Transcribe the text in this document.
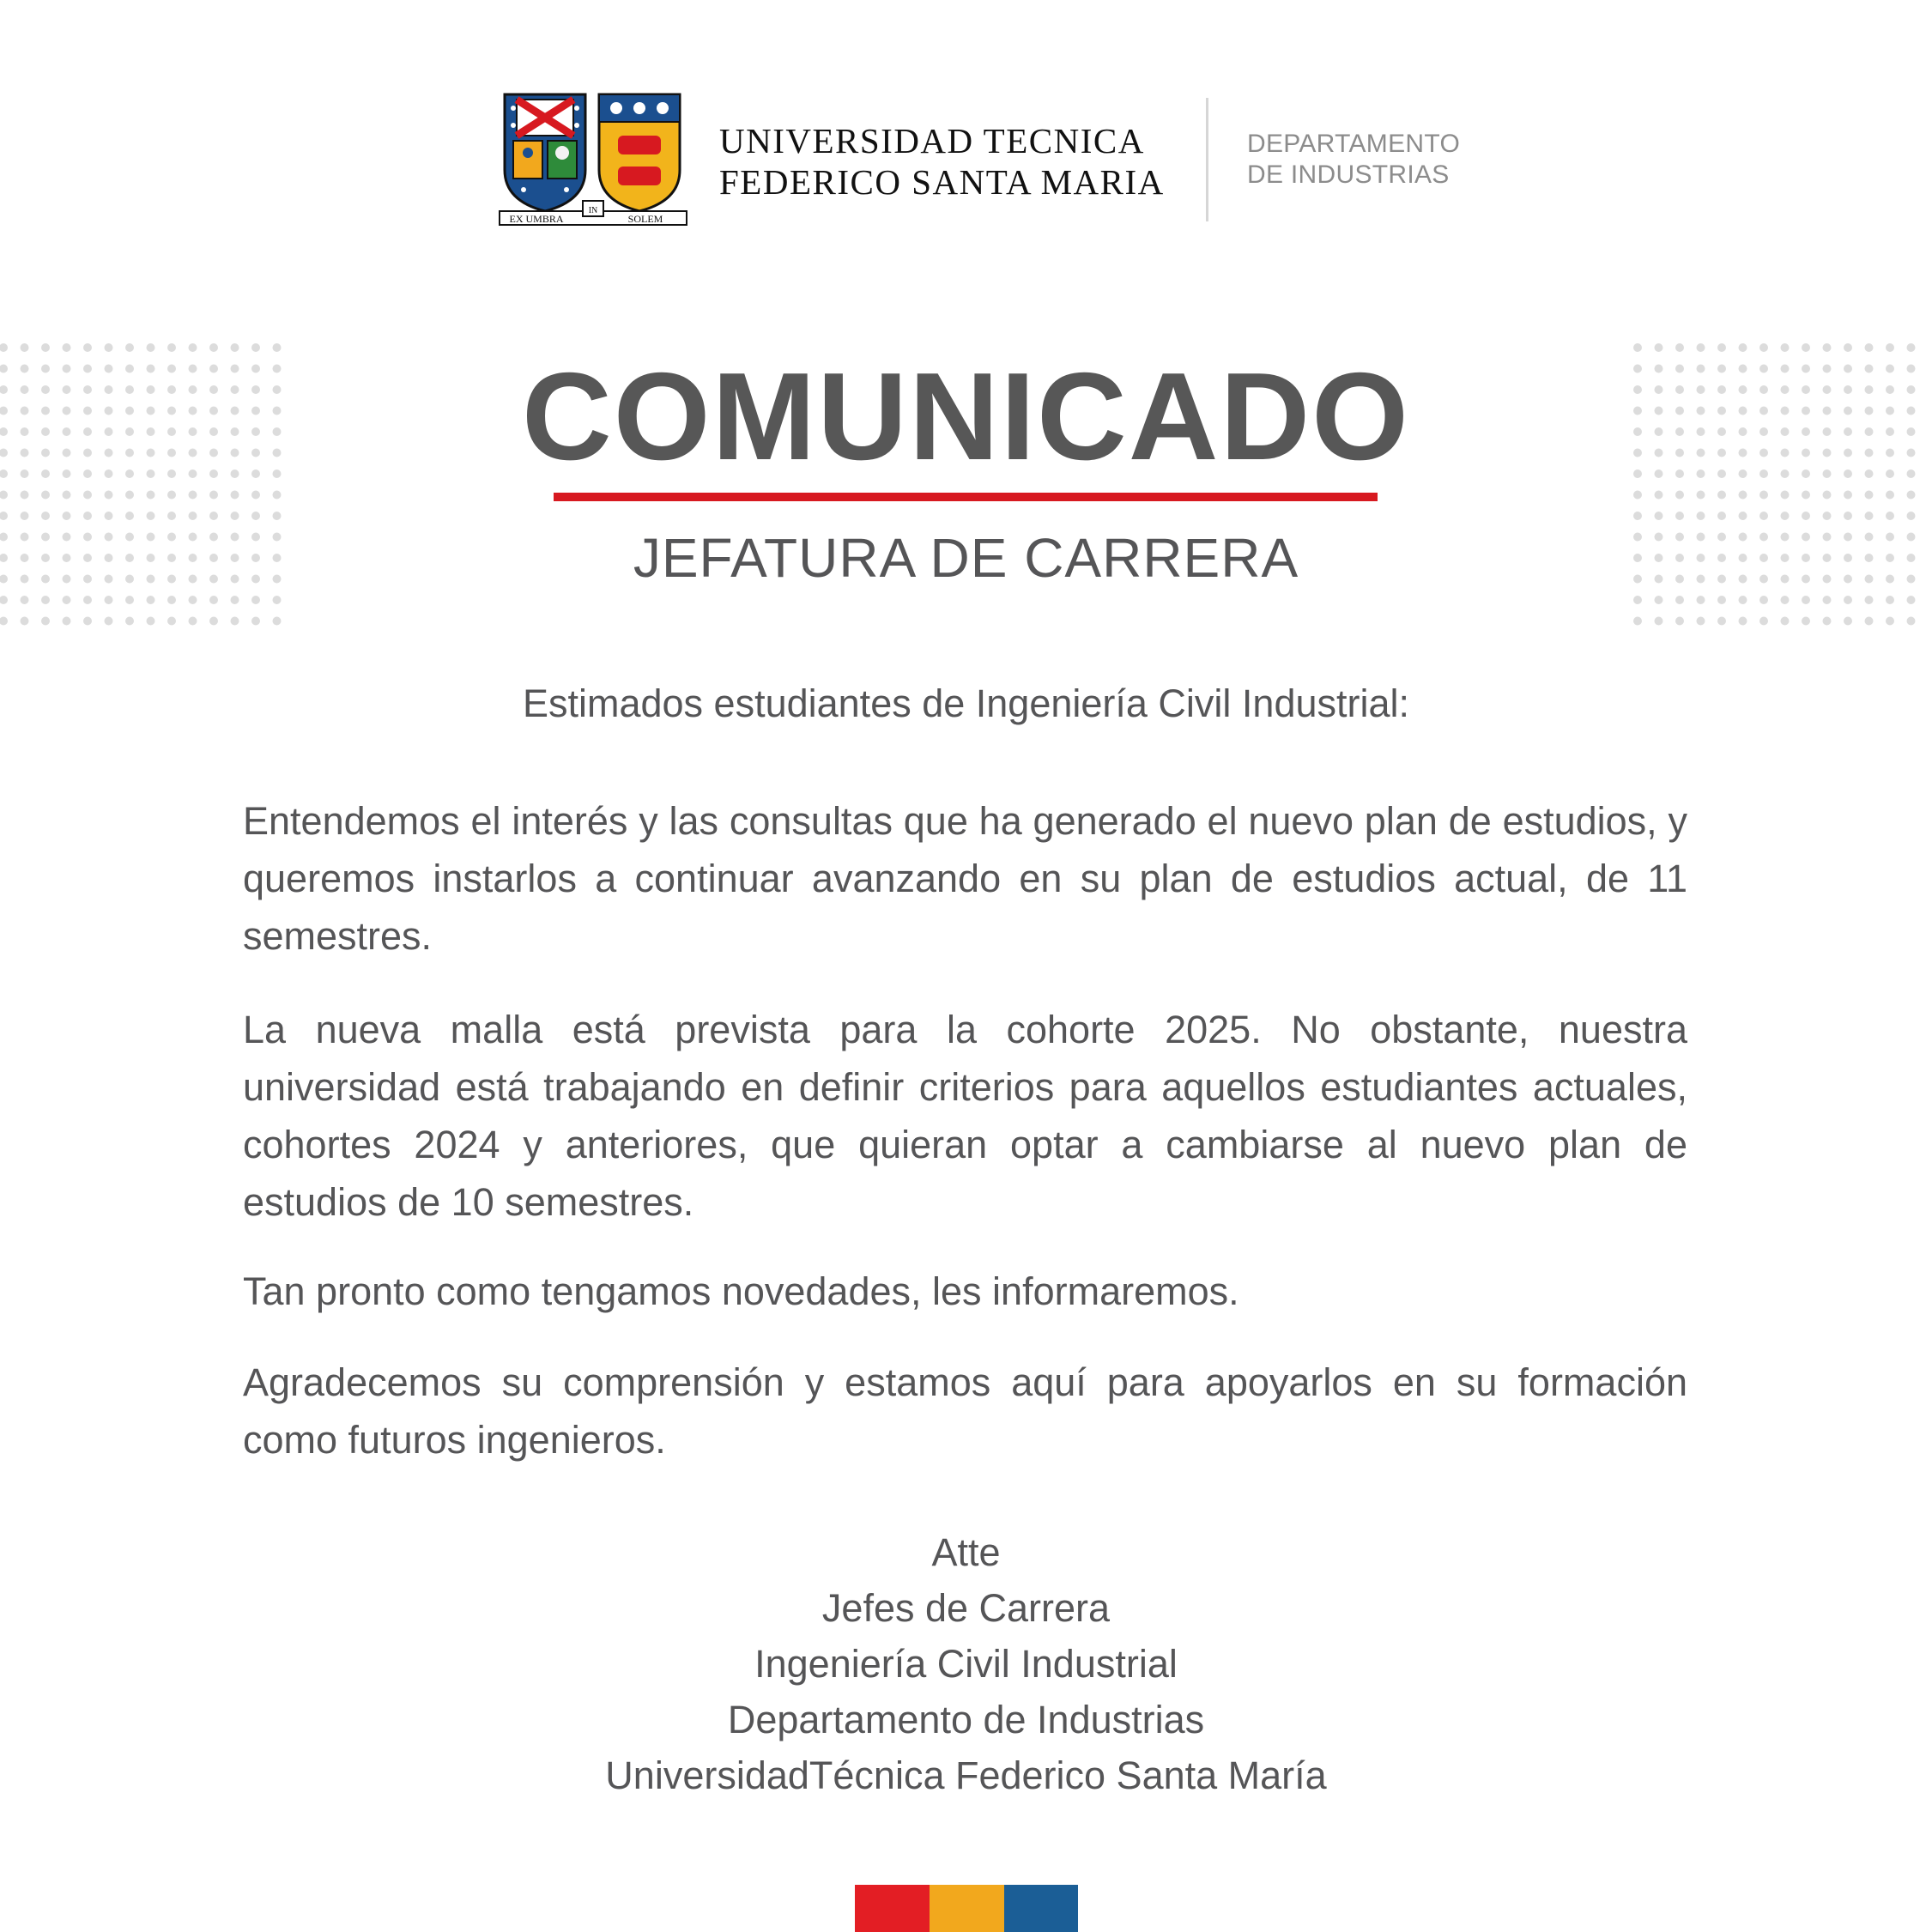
EX UMBRA
IN
SOLEM
UNIVERSIDAD TECNICA
FEDERICO SANTA MARIA
DEPARTAMENTO
DE INDUSTRIAS
COMUNICADO
JEFATURA DE CARRERA
Estimados estudiantes de Ingeniería Civil Industrial:

Entendemos el interés y las consultas que ha generado el nuevo plan de estudios, y queremos instarlos a continuar avanzando en su plan de estudios actual, de 11 semestres.

La nueva malla está prevista para la cohorte 2025. No obstante, nuestra universidad está trabajando en definir criterios para aquellos estudiantes actuales, cohortes 2024 y anteriores, que quieran optar a cambiarse al nuevo plan de estudios de 10 semestres.

Tan pronto como tengamos novedades, les informaremos.

Agradecemos su comprensión y estamos aquí para apoyarlos en su formación como futuros ingenieros.

Atte
Jefes de Carrera
Ingeniería Civil Industrial
Departamento de Industrias
UniversidadTécnica Federico Santa María
